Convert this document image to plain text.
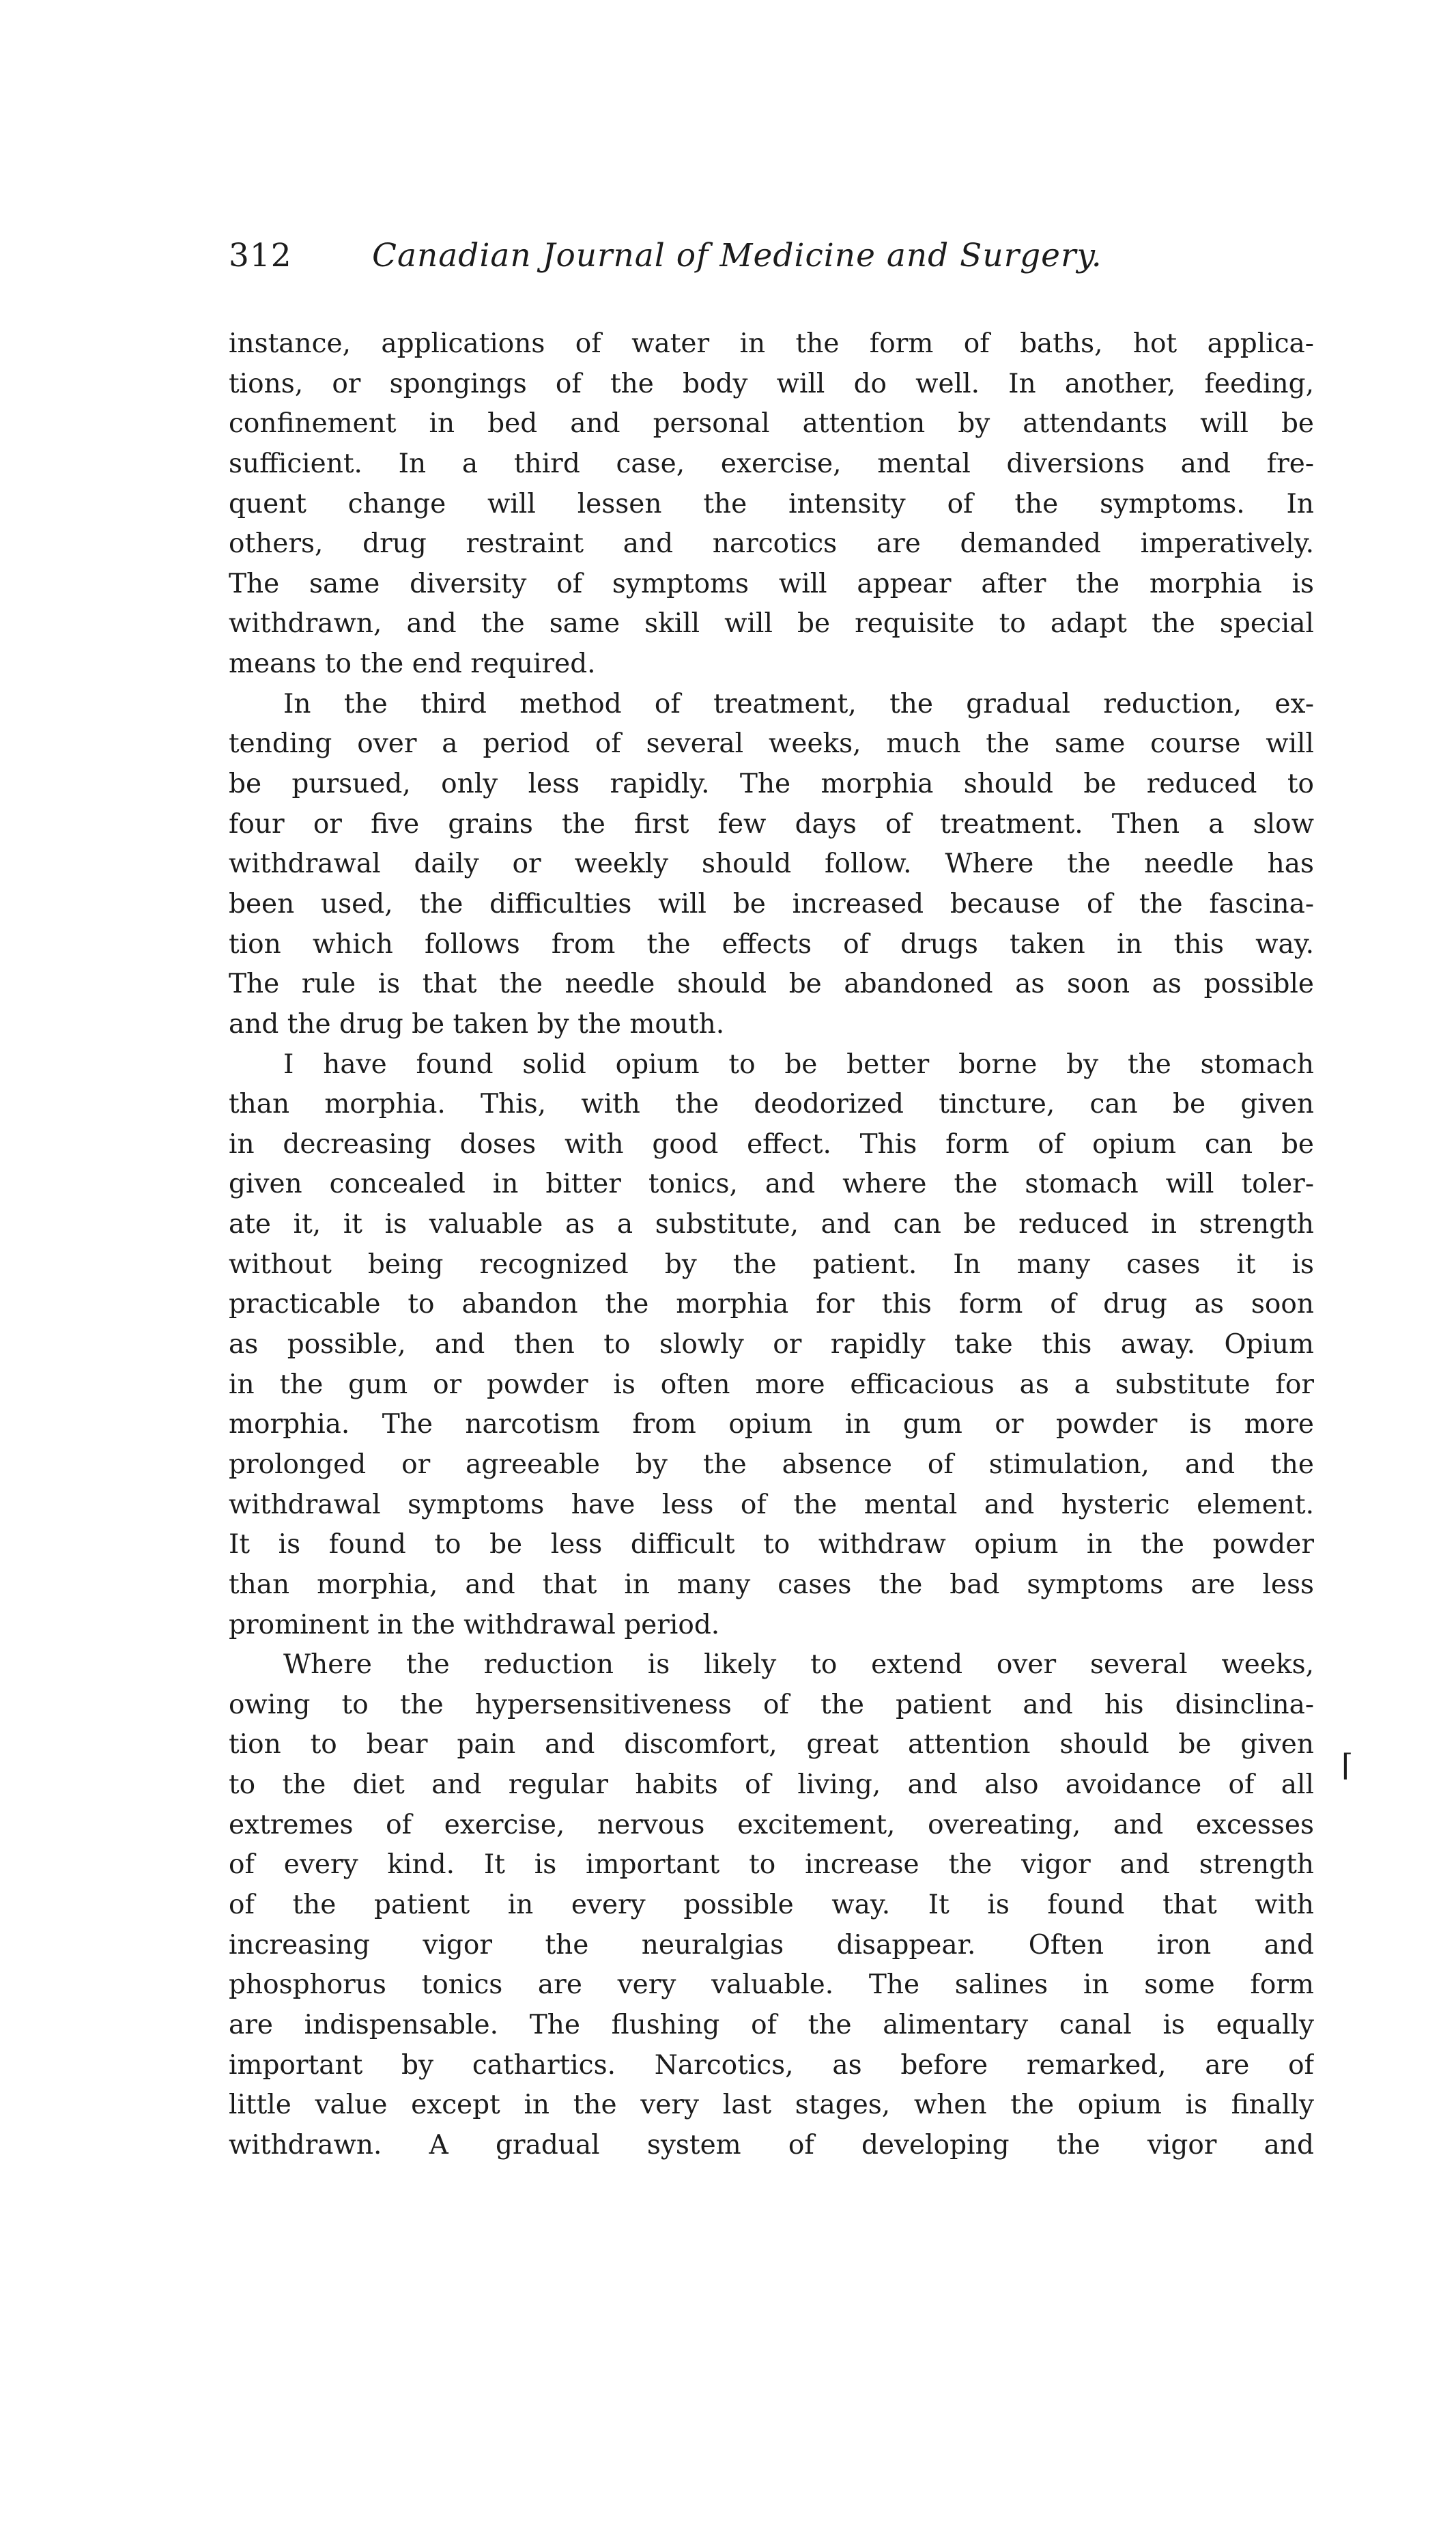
312 Canadian Journal of Medicine and Surgery.
instance, applications of water in the form of baths, hot applica-
tions, or spongings of the body will do well. In another, feeding,
confinement in bed and personal attention by attendants will be
sufficient. In a third case, exercise, mental diversions and fre-
quent change will lessen the intensity of the symptoms. In
others, drug restraint and narcotics are demanded imperatively.
The same diversity of symptoms will appear after the morphia is
withdrawn, and the same skill will be requisite to adapt the special
means to the end required.
In the third method of treatment, the gradual reduction, ex-
tending over a period of several weeks, much the same course will
be pursued, only less rapidly. The morphia should be reduced to
four or five grains the first few days of treatment. Then a slow
withdrawal daily or weekly should follow. Where the needle has
been used, the difficulties will be increased because of the fascina-
tion which follows from the effects of drugs taken in this way.
The rule is that the needle should be abandoned as soon as possible
and the drug be taken by the mouth.
I have found solid opium to be better borne by the stomach
than morphia. This, with the deodorized tincture, can be given
in decreasing doses with good effect. This form of opium can be
given concealed in bitter tonics, and where the stomach will toler-
ate it, it is valuable as a substitute, and can be reduced in strength
without being recognized by the patient. In many cases it is
practicable to abandon the morphia for this form of drug as soon
as possible, and then to slowly or rapidly take this away. Opium
in the gum or powder is often more efficacious as a substitute for
morphia. The narcotism from opium in gum or powder is more
prolonged or agreeable by the absence of stimulation, and the
withdrawal symptoms have less of the mental and hysteric element.
It is found to be less difficult to withdraw opium in the powder
than morphia, and that in many cases the bad symptoms are less
prominent in the withdrawal period.
Where the reduction is likely to extend over several weeks,
owing to the hypersensitiveness of the patient and his disinclina-
tion to bear pain and discomfort, great attention should be given
to the diet and regular habits of living, and also avoidance of all
extremes of exercise, nervous excitement, overeating, and excesses
of every kind. It is important to increase the vigor and strength
of the patient in every possible way. It is found that with
increasing vigor the neuralgias disappear. Often iron and
phosphorus tonics are very valuable. The salines in some form
are indispensable. The flushing of the alimentary canal is equally
important by cathartics. Narcotics, as before remarked, are of
little value except in the very last stages, when the opium is finally
withdrawn. A gradual system of developing the vigor and
⌈
